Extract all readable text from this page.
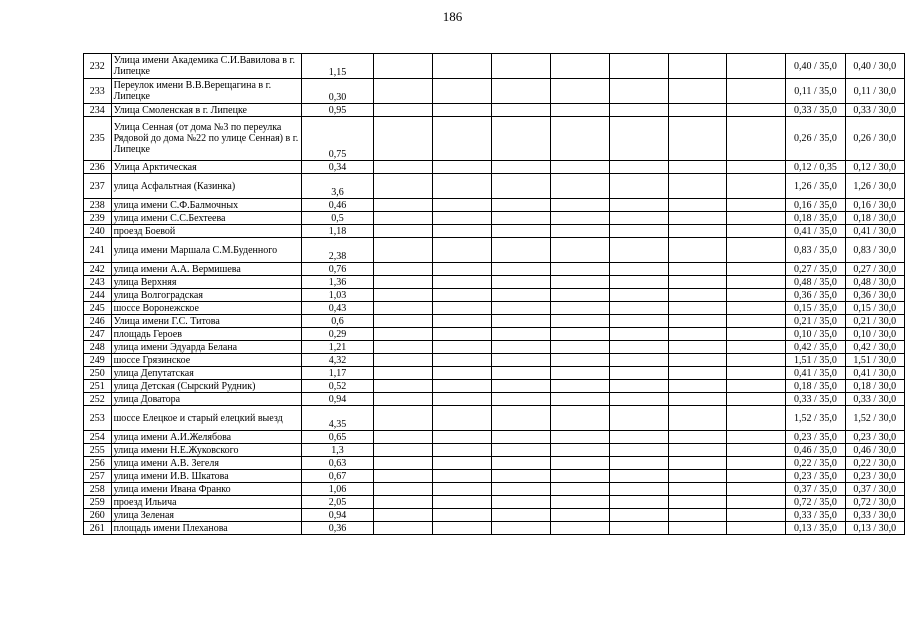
186
232	Улица имени Академика С.И.Вавилова в г. Липецке	1,15								0,40 / 35,0	0,40 / 30,0
233	Переулок имени В.В.Верещагина в г. Липецке	0,30								0,11 / 35,0	0,11 / 30,0
234	Улица Смоленская в г. Липецке	0,95								0,33 / 35,0	0,33 / 30,0
235	Улица Сенная (от дома №3 по переулка Рядовой до дома №22 по улице Сенная) в г. Липецке	0,75								0,26 / 35,0	0,26 / 30,0
236	Улица Арктическая	0,34								0,12 / 0,35	0,12 / 30,0
237	улица Асфальтная (Казинка)	3,6								1,26 / 35,0	1,26 / 30,0
238	улица имени С.Ф.Балмочных	0,46								0,16 / 35,0	0,16 / 30,0
239	улица имени С.С.Бехтеева	0,5								0,18 / 35,0	0,18 / 30,0
240	проезд Боевой	1,18								0,41 / 35,0	0,41 / 30,0
241	улица имени Маршала С.М.Буденного	2,38								0,83 / 35,0	0,83 / 30,0
242	улица имени А.А. Вермишева	0,76								0,27 / 35,0	0,27 / 30,0
243	улица Верхняя	1,36								0,48 / 35,0	0,48 / 30,0
244	улица Волгоградская	1,03								0,36 / 35,0	0,36 / 30,0
245	шоссе Воронежское	0,43								0,15 / 35,0	0,15 / 30,0
246	Улица имени Г.С. Титова	0,6								0,21 / 35,0	0,21 / 30,0
247	площадь Героев	0,29								0,10 / 35,0	0,10 / 30,0
248	улица имени Эдуарда Белана	1,21								0,42 / 35,0	0,42 / 30,0
249	шоссе Грязинское	4,32								1,51 / 35,0	1,51 / 30,0
250	улица Депутатская	1,17								0,41 / 35,0	0,41 / 30,0
251	улица Детская (Сырский Рудник)	0,52								0,18 / 35,0	0,18 / 30,0
252	улица Доватора	0,94								0,33 / 35,0	0,33 / 30,0
253	шоссе Елецкое и старый елецкий выезд	4,35								1,52 / 35,0	1,52 / 30,0
254	улица имени А.И.Желябова	0,65								0,23 / 35,0	0,23 / 30,0
255	улица имени Н.Е.Жуковского	1,3								0,46 / 35,0	0,46 / 30,0
256	улица имени А.В. Зегеля	0,63								0,22 / 35,0	0,22 / 30,0
257	улица имени И.В. Шкатова	0,67								0,23 / 35,0	0,23 / 30,0
258	улица имени Ивана Франко	1,06								0,37 / 35,0	0,37 / 30,0
259	проезд Ильича	2,05								0,72 / 35,0	0,72 / 30,0
260	улица Зеленая	0,94								0,33 / 35,0	0,33 / 30,0
261	площадь имени Плеханова	0,36								0,13 / 35,0	0,13 / 30,0
